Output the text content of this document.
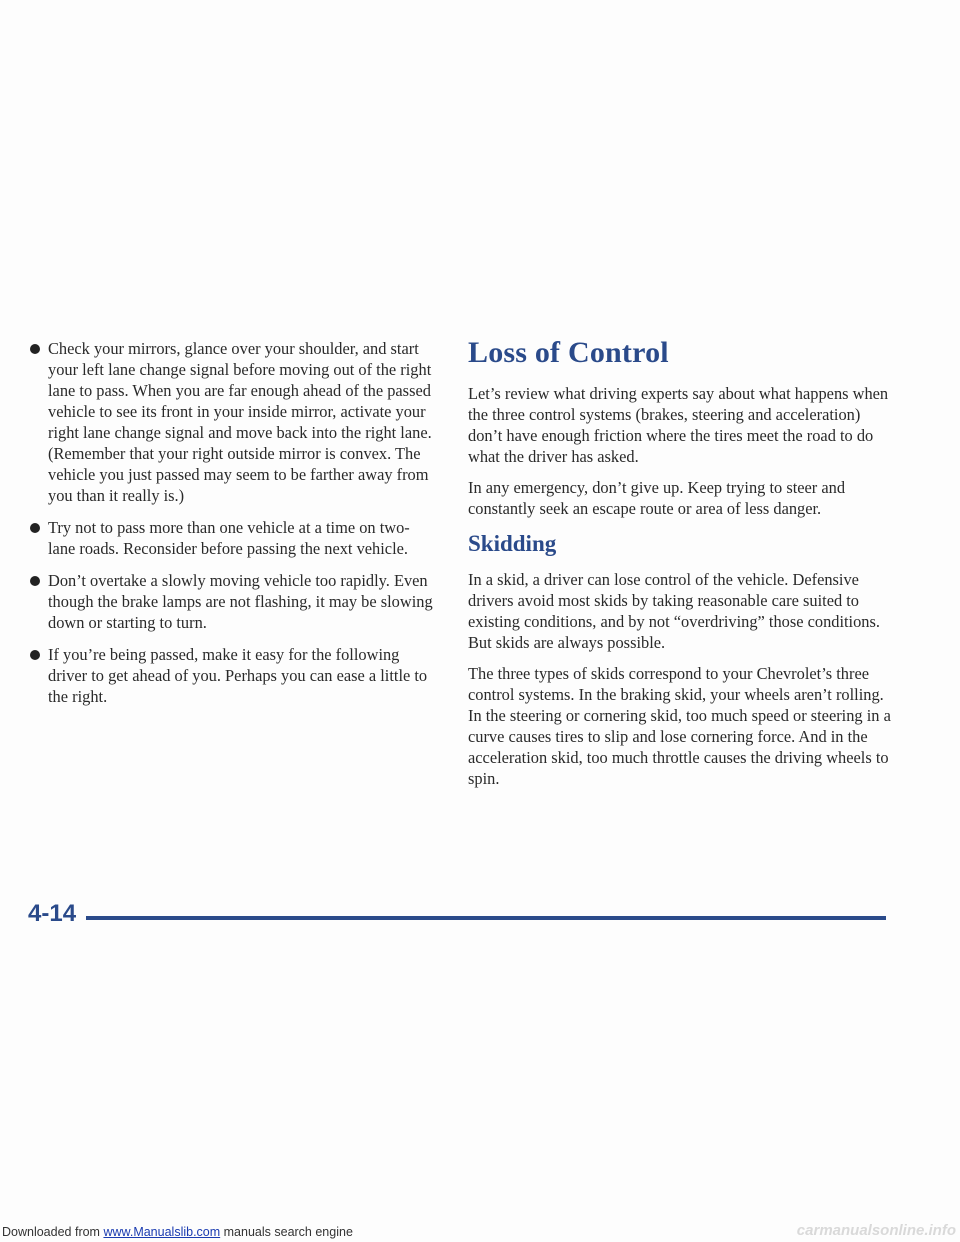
Check your mirrors, glance over your shoulder, and start your left lane change signal before moving out of the right lane to pass. When you are far enough ahead of the passed vehicle to see its front in your inside mirror, activate your right lane change signal and move back into the right lane. (Remember that your right outside mirror is convex. The vehicle you just passed may seem to be farther away from you than it really is.)
Try not to pass more than one vehicle at a time on two-lane roads. Reconsider before passing the next vehicle.
Don’t overtake a slowly moving vehicle too rapidly. Even though the brake lamps are not flashing, it may be slowing down or starting to turn.
If you’re being passed, make it easy for the following driver to get ahead of you. Perhaps you can ease a little to the right.
Loss of Control

Let’s review what driving experts say about what happens when the three control systems (brakes, steering and acceleration) don’t have enough friction where the tires meet the road to do what the driver has asked.

In any emergency, don’t give up. Keep trying to steer and constantly seek an escape route or area of less danger.

Skidding

In a skid, a driver can lose control of the vehicle. Defensive drivers avoid most skids by taking reasonable care suited to existing conditions, and by not “overdriving” those conditions. But skids are always possible.

The three types of skids correspond to your Chevrolet’s three control systems. In the braking skid, your wheels aren’t rolling. In the steering or cornering skid, too much speed or steering in a curve causes tires to slip and lose cornering force. And in the acceleration skid, too much throttle causes the driving wheels to spin.

4-14
Downloaded from www.Manualslib.com manuals search engine	carmanualsonline.info
